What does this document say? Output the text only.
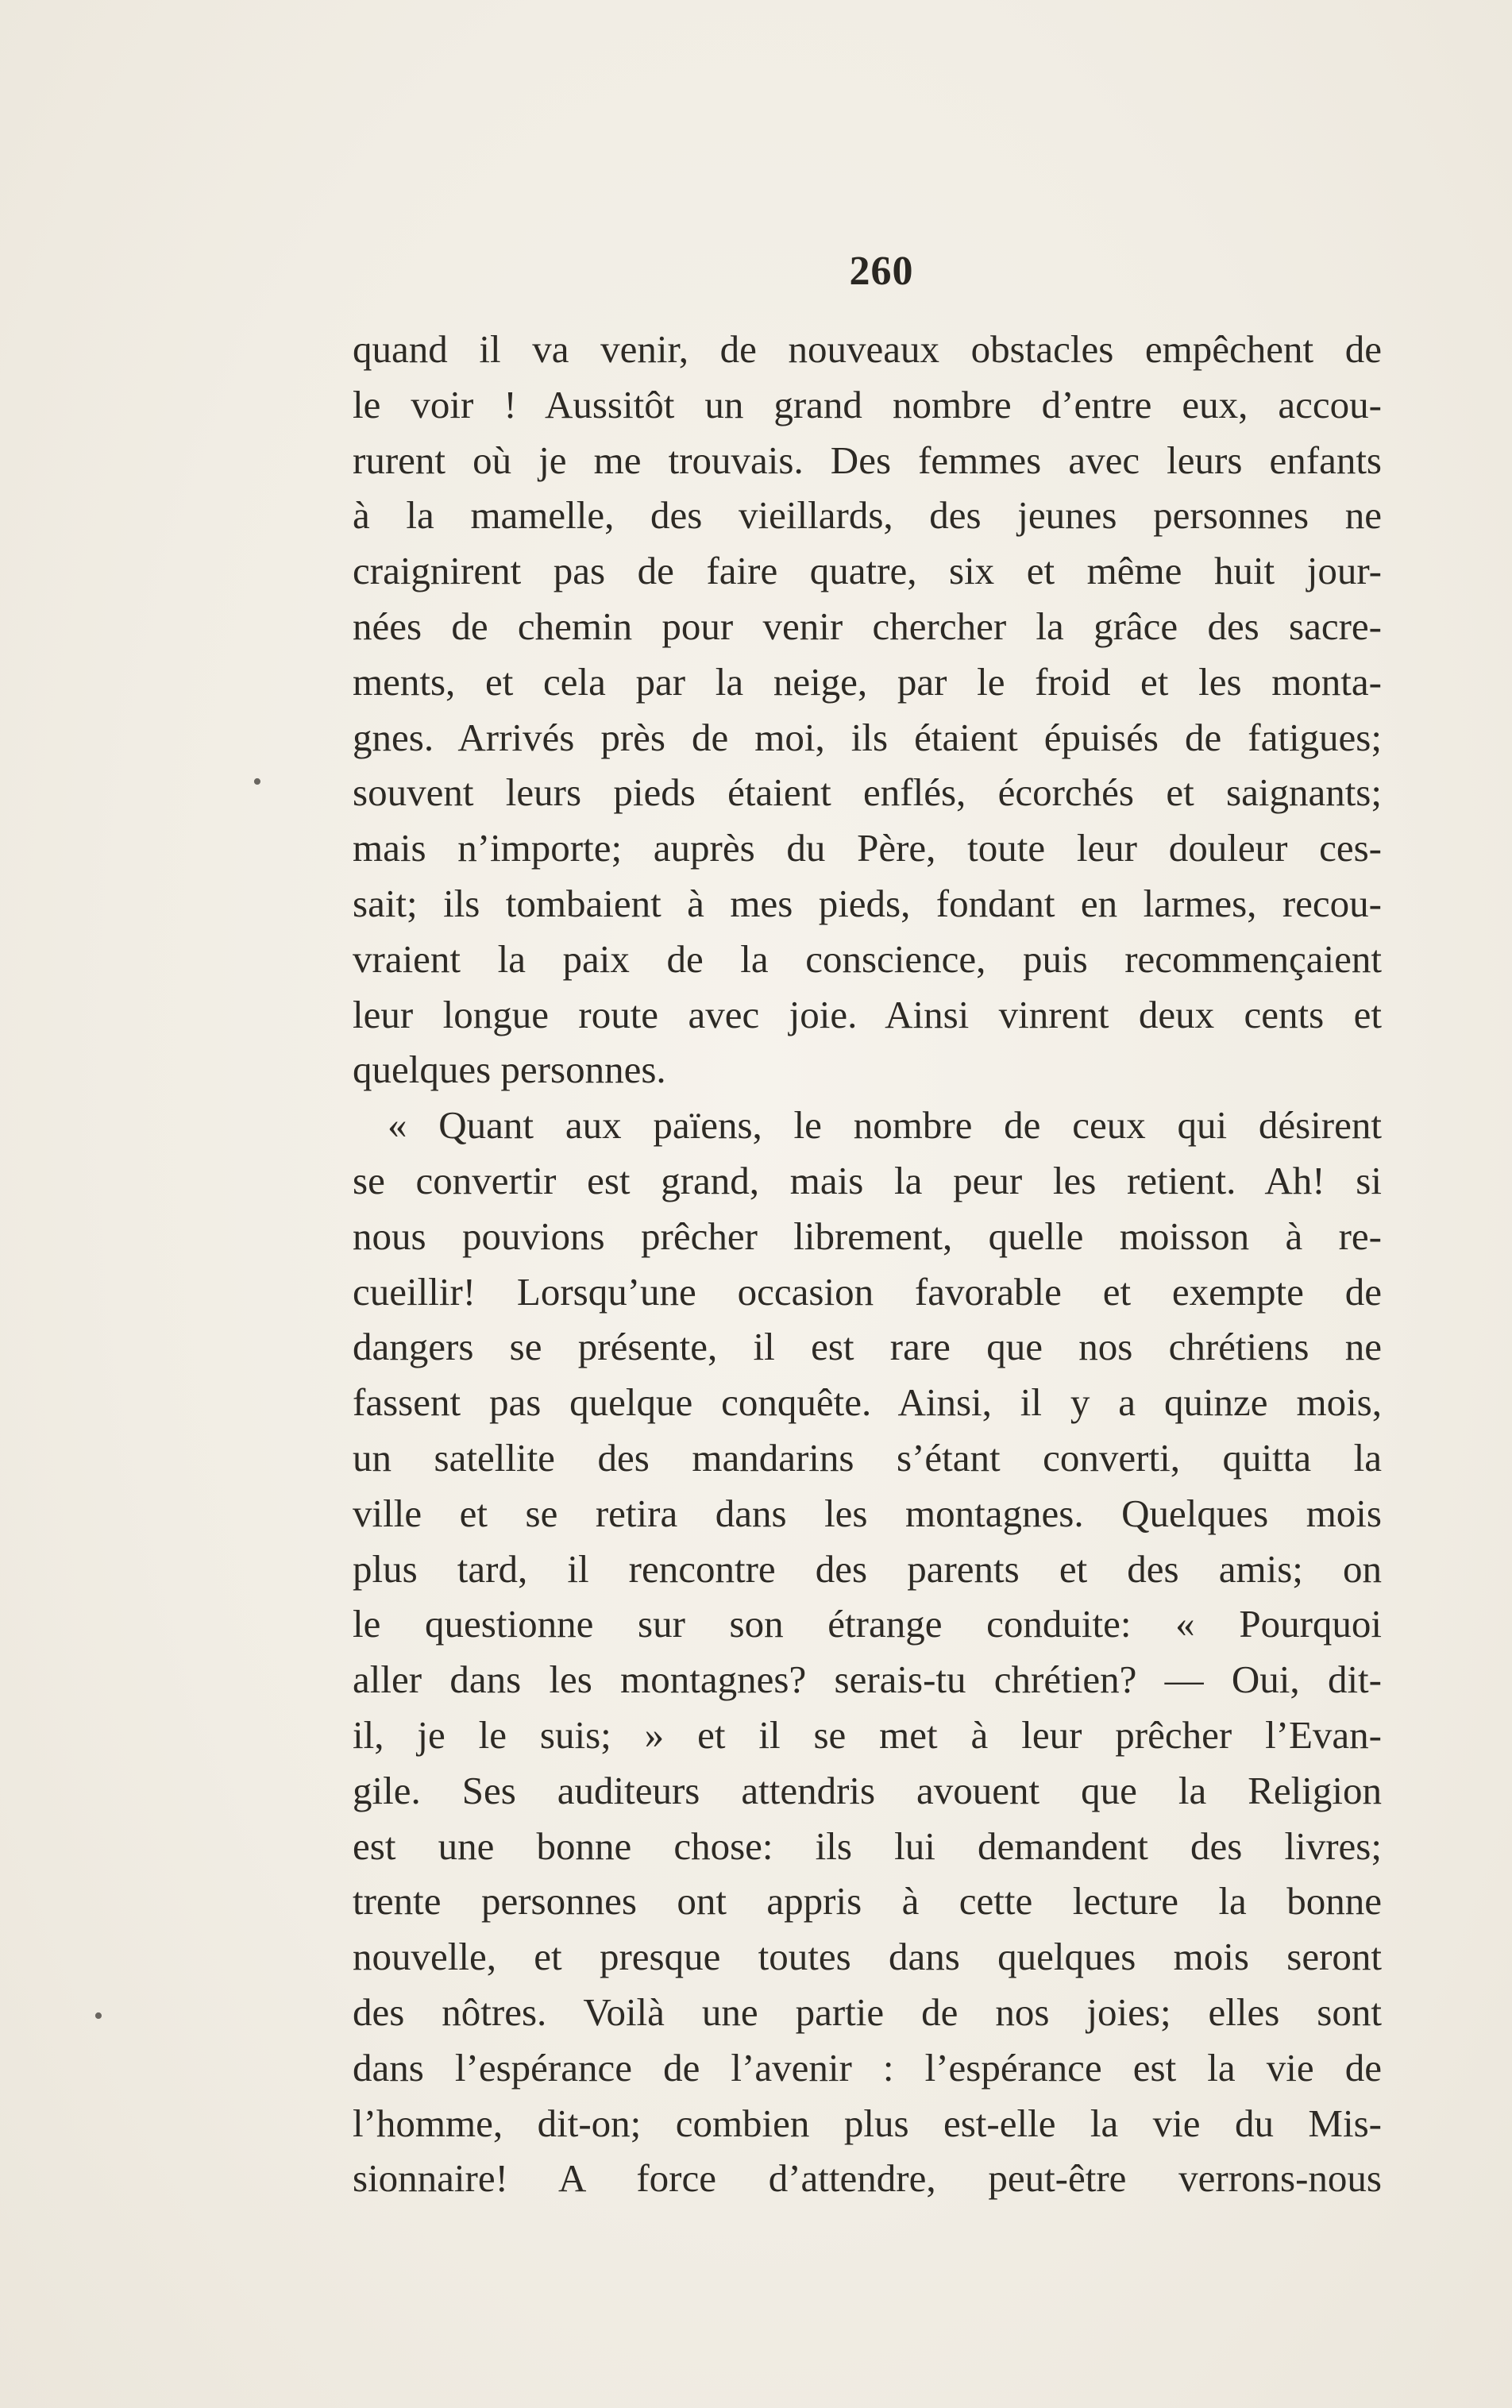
260
•
•
quand il va venir, de nouveaux obstacles empêchent de
le voir ! Aussitôt un grand nombre d’entre eux, accou-
rurent où je me trouvais. Des femmes avec leurs enfants
à la mamelle, des vieillards, des jeunes personnes ne
craignirent pas de faire quatre, six et même huit jour-
nées de chemin pour venir chercher la grâce des sacre-
ments, et cela par la neige, par le froid et les monta-
gnes. Arrivés près de moi, ils étaient épuisés de fatigues;
souvent leurs pieds étaient enflés, écorchés et saignants;
mais n’importe; auprès du Père, toute leur douleur ces-
sait; ils tombaient à mes pieds, fondant en larmes, recou-
vraient la paix de la conscience, puis recommençaient
leur longue route avec joie. Ainsi vinrent deux cents et
quelques personnes.
« Quant aux païens, le nombre de ceux qui désirent
se convertir est grand, mais la peur les retient. Ah! si
nous pouvions prêcher librement, quelle moisson à re-
cueillir! Lorsqu’une occasion favorable et exempte de
dangers se présente, il est rare que nos chrétiens ne
fassent pas quelque conquête. Ainsi, il y a quinze mois,
un satellite des mandarins s’étant converti, quitta la
ville et se retira dans les montagnes. Quelques mois
plus tard, il rencontre des parents et des amis; on
le questionne sur son étrange conduite: « Pourquoi
aller dans les montagnes? serais-tu chrétien? — Oui, dit-
il, je le suis; » et il se met à leur prêcher l’Evan-
gile. Ses auditeurs attendris avouent que la Religion
est une bonne chose: ils lui demandent des livres;
trente personnes ont appris à cette lecture la bonne
nouvelle, et presque toutes dans quelques mois seront
des nôtres. Voilà une partie de nos joies; elles sont
dans l’espérance de l’avenir : l’espérance est la vie de
l’homme, dit-on; combien plus est-elle la vie du Mis-
sionnaire! A force d’attendre, peut-être verrons-nous
